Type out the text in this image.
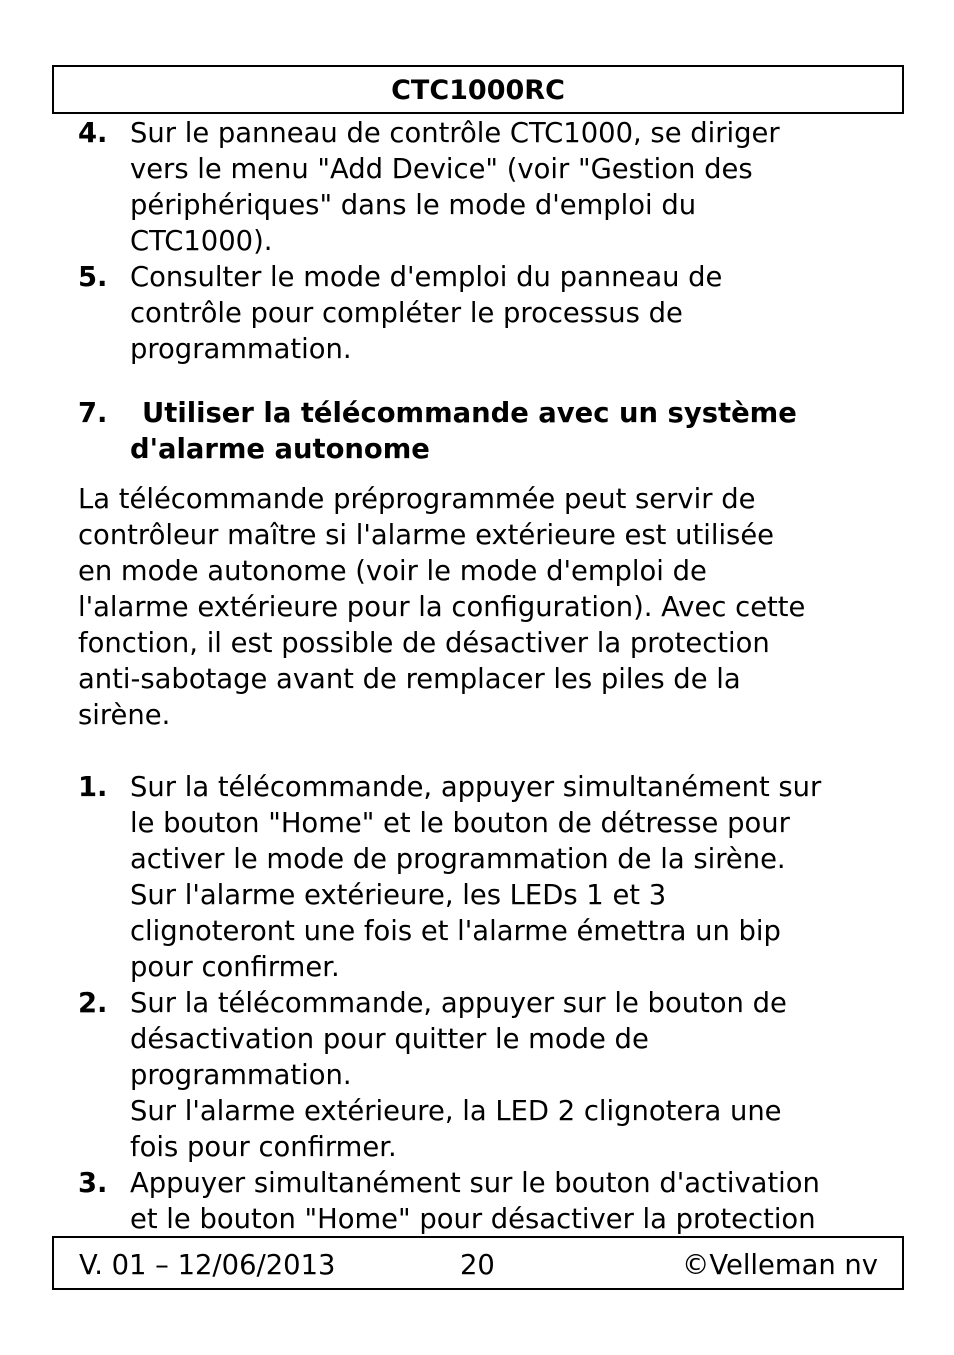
CTC1000RC
4. Sur le panneau de contrôle CTC1000, se diriger
vers le menu "Add Device" (voir "Gestion des
périphériques" dans le mode d'emploi du
CTC1000).
5. Consulter le mode d'emploi du panneau de
contrôle pour compléter le processus de
programmation.
7.	Utiliser la télécommande avec un système
d'alarme autonome
La télécommande préprogrammée peut servir de
contrôleur maître si l'alarme extérieure est utilisée
en mode autonome (voir le mode d'emploi de
l'alarme extérieure pour la configuration). Avec cette
fonction, il est possible de désactiver la protection
anti-sabotage avant de remplacer les piles de la
sirène.
1. Sur la télécommande, appuyer simultanément sur
le bouton "Home" et le bouton de détresse pour
activer le mode de programmation de la sirène.
Sur l'alarme extérieure, les LEDs 1 et 3
clignoteront une fois et l'alarme émettra un bip
pour confirmer.
2. Sur la télécommande, appuyer sur le bouton de
désactivation pour quitter le mode de
programmation.
Sur l'alarme extérieure, la LED 2 clignotera une
fois pour confirmer.
3. Appuyer simultanément sur le bouton d'activation
et le bouton "Home" pour désactiver la protection
V. 01 – 12/06/2013	20	©Velleman nv
